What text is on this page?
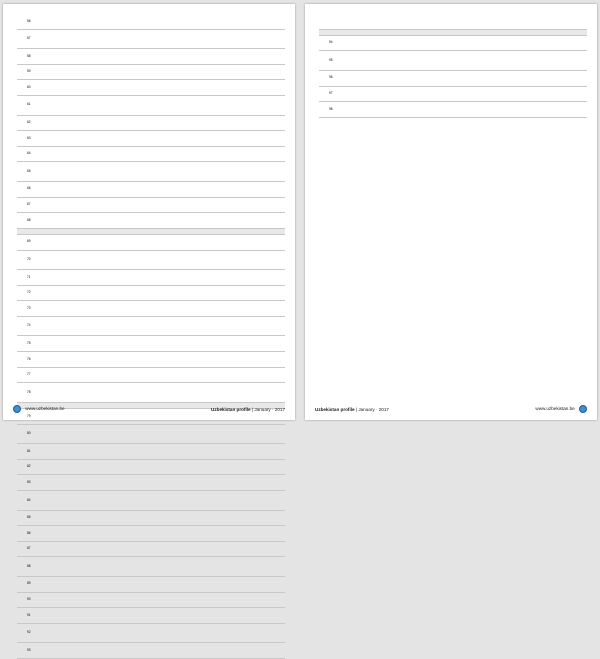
56							
57							
58							
59							
60							
61							
62							
63							
64							
65							
66							
67							
68							

69							
70							
71							
72							
73							
74							
75							
76							
77							
78							

79							
80							
81							
82							
83							
84							
85							
86							
87							
88							
89							
90							
91							
92							
93							
www.uzbekistan.be	Uzbekistan profile | January · 2017

94							
95							
96							
97							
98							
Uzbekistan profile | January · 2017	www.uzbekistan.be
